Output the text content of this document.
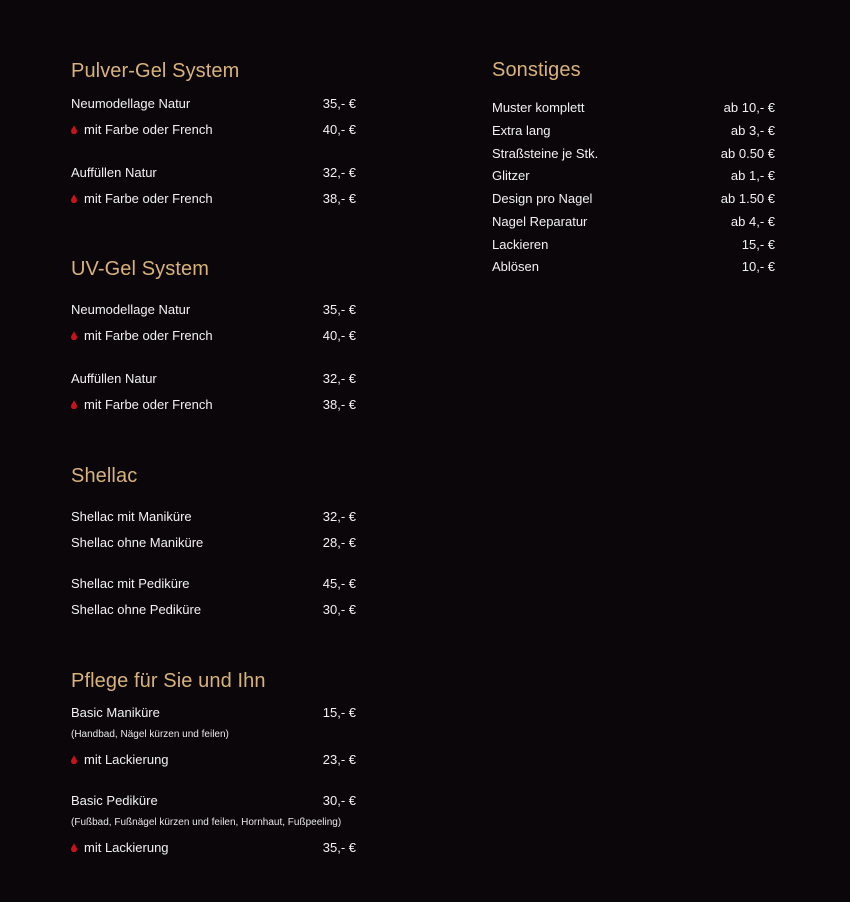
Pulver-Gel System
Neumodellage Natur	35,- €
mit Farbe oder French	40,- €
Auffüllen Natur	32,- €
mit Farbe oder French	38,- €
UV-Gel System
Neumodellage Natur	35,- €
mit Farbe oder French	40,- €
Auffüllen Natur	32,- €
mit Farbe oder French	38,- €
Shellac
Shellac mit Maniküre	32,- €
Shellac ohne Maniküre	28,- €
Shellac mit Pediküre	45,- €
Shellac ohne Pediküre	30,- €
Pflege für Sie und Ihn
Basic Maniküre	15,- €
(Handbad, Nägel kürzen und feilen)
mit Lackierung	23,- €
Basic Pediküre	30,- €
(Fußbad, Fußnägel kürzen und feilen, Hornhaut, Fußpeeling)
mit Lackierung	35,- €
Sonstiges
Muster komplett	ab 10,- €
Extra lang	ab 3,- €
Straßsteine je Stk.	ab 0.50 €
Glitzer	ab 1,- €
Design pro Nagel	ab 1.50 €
Nagel Reparatur	ab 4,- €
Lackieren	15,- €
Ablösen	10,- €
